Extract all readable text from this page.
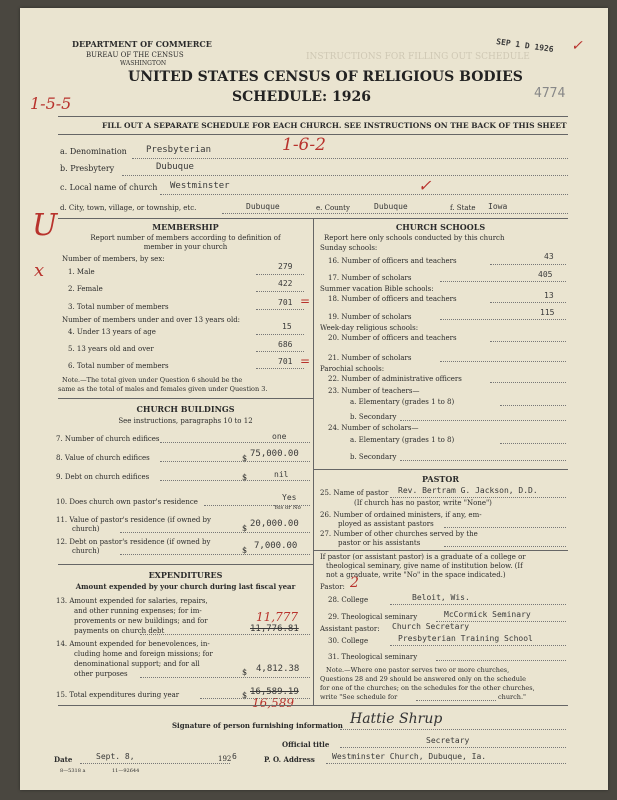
DEPARTMENT OF COMMERCE
BUREAU OF THE CENSUS
WASHINGTON
INSTRUCTIONS FOR FILLING OUT SCHEDULE
UNITED STATES CENSUS OF RELIGIOUS BODIES
SCHEDULE: 1926
SEP 1 D 1926
4774
1-5-5
✓
FILL OUT A SEPARATE SCHEDULE FOR EACH CHURCH. SEE INSTRUCTIONS ON THE BACK OF THIS SHEET
a. Denomination Presbyterian	1-6-2
b. Presbytery	Dubuque
c. Local name of church Westminster	✓
d. City, town, village, or township, etc.	Dubuque	e. County	Dubuque	f. State Iowa
U
x
MEMBERSHIP
Report number of members according to definition of
member in your church
Number of members, by sex:
1. Male
279
2. Female
422
3. Total number of members	701 =
Number of members under and over 13 years old:
4. Under 13 years of age
15
5. 13 years old and over	686
6. Total number of members	701 =
Note.—The total given under Question 6 should be the
same as the total of males and females given under Question 3.
CHURCH BUILDINGS
See instructions, paragraphs 10 to 12
7. Number of church edifices	one
8. Value of church edifices	$ 75,000.00
9. Debt on church edifices	$	nil
10. Does church own pastor's residence	Yes
Yes or No
11. Value of pastor's residence (if owned by
church)	$ 20,000.00
12. Debt on pastor's residence (if owned by
church)	$ 7,000.00
EXPENDITURES
Amount expended by your church during last fiscal year
13. Amount expended for salaries, repairs,
and other running expenses; for im-
provements or new buildings; and for
payments on church debt
11,777
11,776.81
14. Amount expended for benevolences, in-
cluding home and foreign missions; for
denominational support; and for all
other purposes	$ 4,812.38
15. Total expenditures during year	$ 16,589.19
16,589
CHURCH SCHOOLS
Report here only schools conducted by this church
Sunday schools:
16. Number of officers and teachers	43
17. Number of scholars	405
Summer vacation Bible schools:
18. Number of officers and teachers	13
19. Number of scholars	115
Week-day religious schools:
20. Number of officers and teachers
21. Number of scholars
Parochial schools:
22. Number of administrative officers
23. Number of teachers—
a. Elementary (grades 1 to 8)
b. Secondary
24. Number of scholars—
a. Elementary (grades 1 to 8)
b. Secondary
PASTOR
25. Name of pastor Rev. Bertram G. Jackson, D.D.
(If church has no pastor, write "None")
26. Number of ordained ministers, if any, em-
ployed as assistant pastors
27. Number of other churches served by the
pastor or his assistants
If pastor (or assistant pastor) is a graduate of a college or
theological seminary, give name of institution below. (If
not a graduate, write "No" in the space indicated.)
Pastor: 2
28. College	Beloit, Wis.
29. Theological seminary	McCormick Seminary
Assistant pastor: Church Secretary
30. College	Presbyterian Training School
31. Theological seminary
Note.—Where one pastor serves two or more churches,
Questions 28 and 29 should be answered only on the schedule
for one of the churches; on the schedules for the other churches,
write "See schedule for	church."
Signature of person furnishing information Hattie Shrup
Official title	Secretary
Date	Sept. 8,	192 6	P. O. Address Westminster Church, Dubuque, Ia.
8—5318 a	11—92644
